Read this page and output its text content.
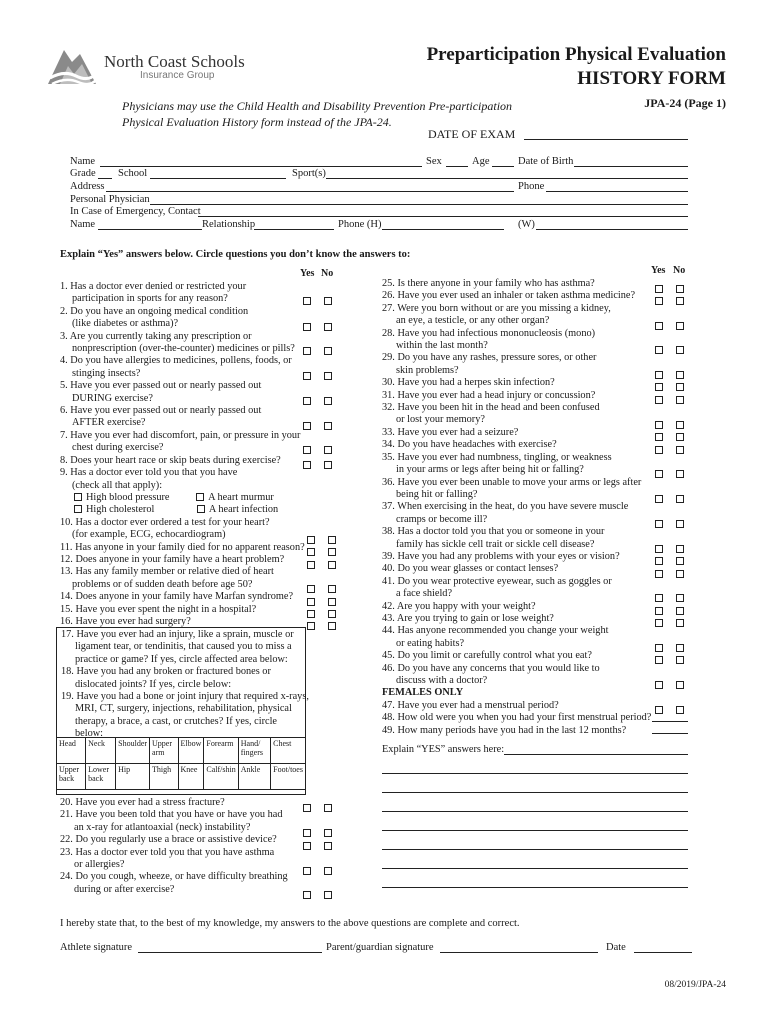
North Coast Schools
Insurance Group
Preparticipation Physical Evaluation
HISTORY FORM
JPA-24 (Page 1)
Physicians may use the Child Health and Disability Prevention Pre-participation
Physical Evaluation History form instead of the JPA-24.
DATE OF EXAM
Name	Sex	Age	Date of Birth
Grade School	Sport(s)
Address	Phone
Personal Physician
In Case of Emergency, Contact
Name	Relationship	Phone (H)	(W)
Explain “Yes” answers below. Circle questions you don’t know the answers to:
Yes No
1. Has a doctor ever denied or restricted your
participation in sports for any reason?
2. Do you have an ongoing medical condition
(like diabetes or asthma)?
3. Are you currently taking any prescription or
nonprescription (over-the-counter) medicines or pills?
4. Do you have allergies to medicines, pollens, foods, or
stinging insects?
5. Have you ever passed out or nearly passed out
DURING exercise?
6. Have you ever passed out or nearly passed out
AFTER exercise?
7. Have you ever had discomfort, pain, or pressure in your
chest during exercise?
8. Does your heart race or skip beats during exercise?
9. Has a doctor ever told you that you have
(check all that apply):
High blood pressure	A heart murmur
High cholesterol	A heart infection
10. Has a doctor ever ordered a test for your heart?
(for example, ECG, echocardiogram)
11. Has anyone in your family died for no apparent reason?
12. Does anyone in your family have a heart problem?
13. Has any family member or relative died of heart
problems or of sudden death before age 50?
14. Does anyone in your family have Marfan syndrome?
15. Have you ever spent the night in a hospital?
16. Have you ever had surgery?
17. Have you ever had an injury, like a sprain, muscle or
ligament tear, or tendinitis, that caused you to miss a
practice or game? If yes, circle affected area below:
18. Have you had any broken or fractured bones or
dislocated joints? If yes, circle below:
19. Have you had a bone or joint injury that required x-rays,
MRI, CT, surgery, injections, rehabilitation, physical
therapy, a brace, a cast, or crutches? If yes, circle
below:
Head	Neck	Shoulder	Upper arm	Elbow	Forearm	Hand/ fingers	Chest
Upper back	Lower back	Hip	Thigh	Knee	Calf/shin	Ankle	Foot/toes
20. Have you ever had a stress fracture?
21. Have you been told that you have or have you had
an x-ray for atlantoaxial (neck) instability?
22. Do you regularly use a brace or assistive device?
23. Has a doctor ever told you that you have asthma
or allergies?
24. Do you cough, wheeze, or have difficulty breathing
during or after exercise?
Yes No
25. Is there anyone in your family who has asthma?
26. Have you ever used an inhaler or taken asthma medicine?
27. Were you born without or are you missing a kidney,
an eye, a testicle, or any other organ?
28. Have you had infectious mononucleosis (mono)
within the last month?
29. Do you have any rashes, pressure sores, or other
skin problems?
30. Have you had a herpes skin infection?
31. Have you ever had a head injury or concussion?
32. Have you been hit in the head and been confused
or lost your memory?
33. Have you ever had a seizure?
34. Do you have headaches with exercise?
35. Have you ever had numbness, tingling, or weakness
in your arms or legs after being hit or falling?
36. Have you ever been unable to move your arms or legs after
being hit or falling?
37. When exercising in the heat, do you have severe muscle
cramps or become ill?
38. Has a doctor told you that you or someone in your
family has sickle cell trait or sickle cell disease?
39. Have you had any problems with your eyes or vision?
40. Do you wear glasses or contact lenses?
41. Do you wear protective eyewear, such as goggles or
a face shield?
42. Are you happy with your weight?
43. Are you trying to gain or lose weight?
44. Has anyone recommended you change your weight
or eating habits?
45. Do you limit or carefully control what you eat?
46. Do you have any concerns that you would like to
discuss with a doctor?
FEMALES ONLY
47. Have you ever had a menstrual period?
48. How old were you when you had your first menstrual period?
49. How many periods have you had in the last 12 months?
Explain “YES” answers here:
I hereby state that, to the best of my knowledge, my answers to the above questions are complete and correct.
Athlete signature	Parent/guardian signature	Date
08/2019/JPA-24
